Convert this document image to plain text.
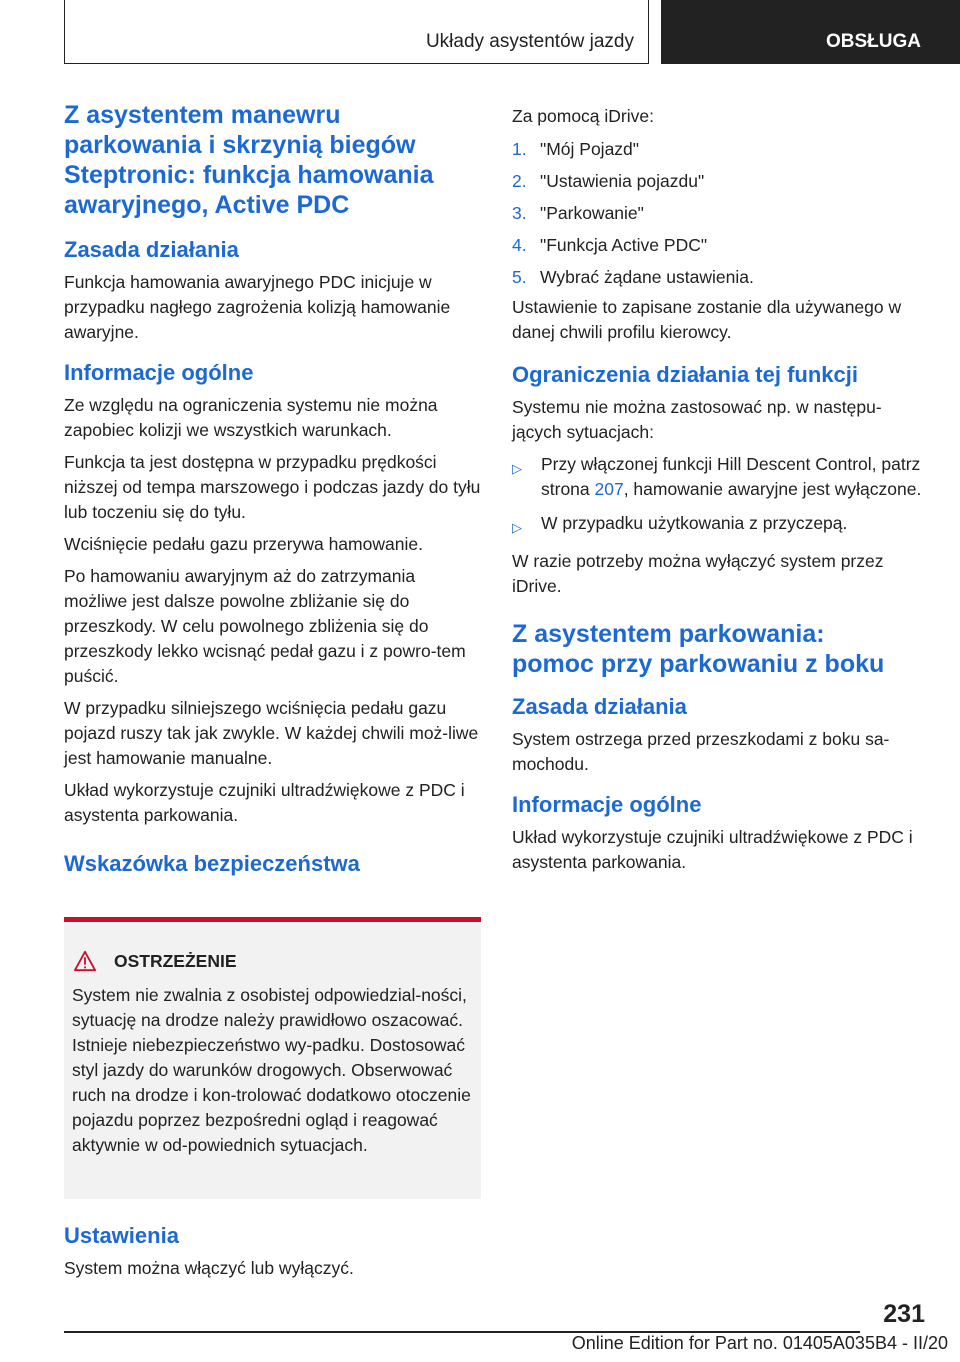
Układy asystentów jazdy	OBSŁUGA
Z asystentem manewru parkowania i skrzynią biegów Steptronic: funkcja hamowania awaryjnego, Active PDC
Zasada działania
Funkcja hamowania awaryjnego PDC inicjuje w przypadku nagłego zagrożenia kolizją hamowanie awaryjne.
Informacje ogólne
Ze względu na ograniczenia systemu nie można zapobiec kolizji we wszystkich warunkach.
Funkcja ta jest dostępna w przypadku prędkości niższej od tempa marszowego i podczas jazdy do tyłu lub toczeniu się do tyłu.
Wciśnięcie pedału gazu przerywa hamowanie.
Po hamowaniu awaryjnym aż do zatrzymania możliwe jest dalsze powolne zbliżanie się do przeszkody. W celu powolnego zbliżenia się do przeszkody lekko wcisnąć pedał gazu i z powro-tem puścić.
W przypadku silniejszego wciśnięcia pedału gazu pojazd ruszy tak jak zwykle. W każdej chwili moż-liwe jest hamowanie manualne.
Układ wykorzystuje czujniki ultradźwiękowe z PDC i asystenta parkowania.
Wskazówka bezpieczeństwa
OSTRZEŻENIE
System nie zwalnia z osobistej odpowiedzial-ności, sytuację na drodze należy prawidłowo oszacować. Istnieje niebezpieczeństwo wy-padku. Dostosować styl jazdy do warunków drogowych. Obserwować ruch na drodze i kon-trolować dodatkowo otoczenie pojazdu poprzez bezpośredni ogląd i reagować aktywnie w od-powiednich sytuacjach.
Ustawienia
System można włączyć lub wyłączyć.
Za pomocą iDrive:
1. "Mój Pojazd"
2. "Ustawienia pojazdu"
3. "Parkowanie"
4. "Funkcja Active PDC"
5. Wybrać żądane ustawienia.
Ustawienie to zapisane zostanie dla używanego w danej chwili profilu kierowcy.
Ograniczenia działania tej funkcji
Systemu nie można zastosować np. w następu-jących sytuacjach:
▷	Przy włączonej funkcji Hill Descent Control, patrz strona 207, hamowanie awaryjne jest wyłączone.
▷	W przypadku użytkowania z przyczepą.
W razie potrzeby można wyłączyć system przez iDrive.
Z asystentem parkowania: pomoc przy parkowaniu z boku
Zasada działania
System ostrzega przed przeszkodami z boku sa-mochodu.
Informacje ogólne
Układ wykorzystuje czujniki ultradźwiękowe z PDC i asystenta parkowania.
231
Online Edition for Part no. 01405A035B4 - II/20
